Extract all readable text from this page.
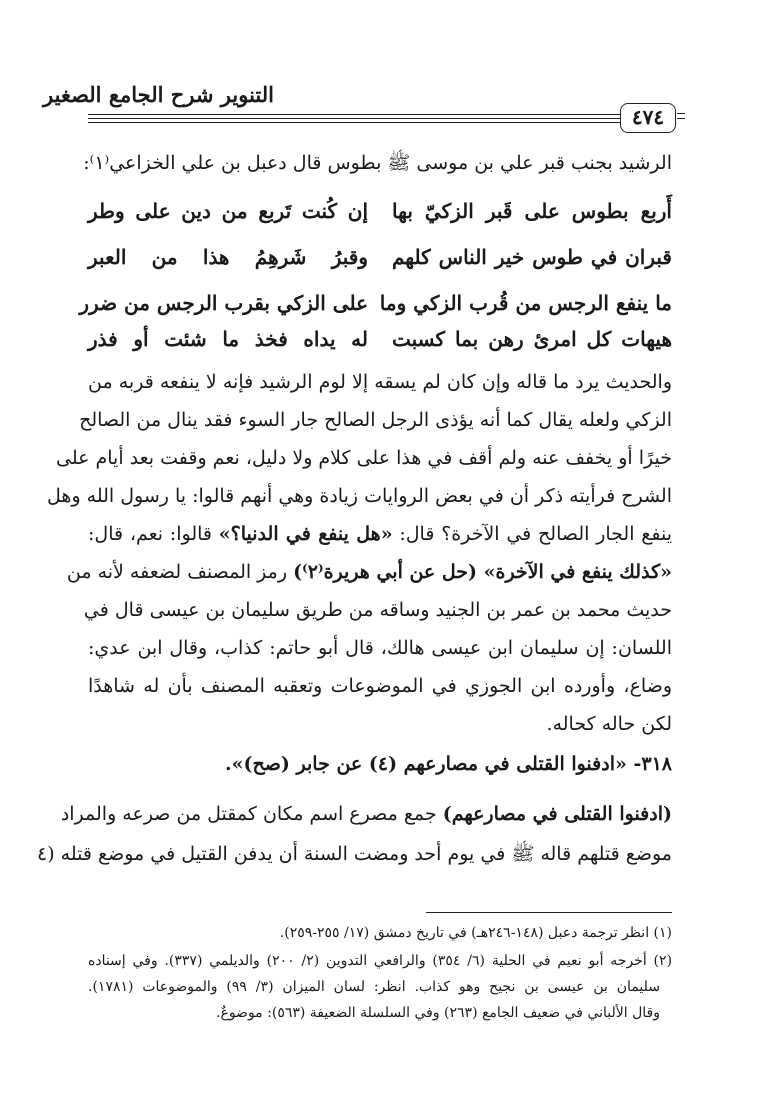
التنوير شرح الجامع الصغير
٤٧٤
الرشيد بجنب قبر علي بن موسى ﷺ بطوس قال دعبل بن علي الخزاعي⁽١⁾:
أَربع بطوس على قَبر الزكيّ بها
إن كُنت تَربع من دين على وطر
قبران في طوس خير الناس كلهم
وقبرُ شَرهِمُ هذا من العبر
ما ينفع الرجس من قُرب الزكي وما
على الزكي بقرب الرجس من ضرر
هيهات كل امرئ رهن بما كسبت
له يداه فخذ ما شئت أو فذر
والحديث يرد ما قاله وإن كان لم يسقه إلا لوم الرشيد فإنه لا ينفعه قربه من
الزكي ولعله يقال كما أنه يؤذى الرجل الصالح جار السوء فقد ينال من الصالح
خيرًا أو يخفف عنه ولم أقف في هذا على كلام ولا دليل، نعم وقفت بعد أيام على
الشرح فرأيته ذكر أن في بعض الروايات زيادة وهي أنهم قالوا: يا رسول الله وهل
ينفع الجار الصالح في الآخرة؟ قال: «هل ينفع في الدنيا؟» قالوا: نعم، قال:
«كذلك ينفع في الآخرة» (حل عن أبي هريرة⁽٢⁾) رمز المصنف لضعفه لأنه من
حديث محمد بن عمر بن الجنيد وساقه من طريق سليمان بن عيسى قال في
اللسان: إن سليمان ابن عيسى هالك، قال أبو حاتم: كذاب، وقال ابن عدي:
وضاع، وأورده ابن الجوزي في الموضوعات وتعقبه المصنف بأن له شاهدًا
لكن حاله كحاله.
٣١٨- «ادفنوا القتلى في مصارعهم (٤) عن جابر (صح)».
(ادفنوا القتلى في مصارعهم) جمع مصرع اسم مكان كمقتل من صرعه والمراد
موضع قتلهم قاله ﷺ في يوم أحد ومضت السنة أن يدفن القتيل في موضع قتله (٤
(١) انظر ترجمة دعبل (١٤٨-٢٤٦هـ) في تاريخ دمشق (١٧/ ٢٥٥-٢٥٩).
(٢) أخرجه أبو نعيم في الحلية (٦/ ٣٥٤) والرافعي التدوين (٢/ ٢٠٠) والديلمي (٣٣٧). وفي إسناده
سليمان بن عيسى بن نجيح وهو كذاب. انظر: لسان الميزان (٣/ ٩٩) والموضوعات (١٧٨١).
وقال الألباني في ضعيف الجامع (٢٦٣) وفي السلسلة الضعيفة (٥٦٣): موضوعٌ.
